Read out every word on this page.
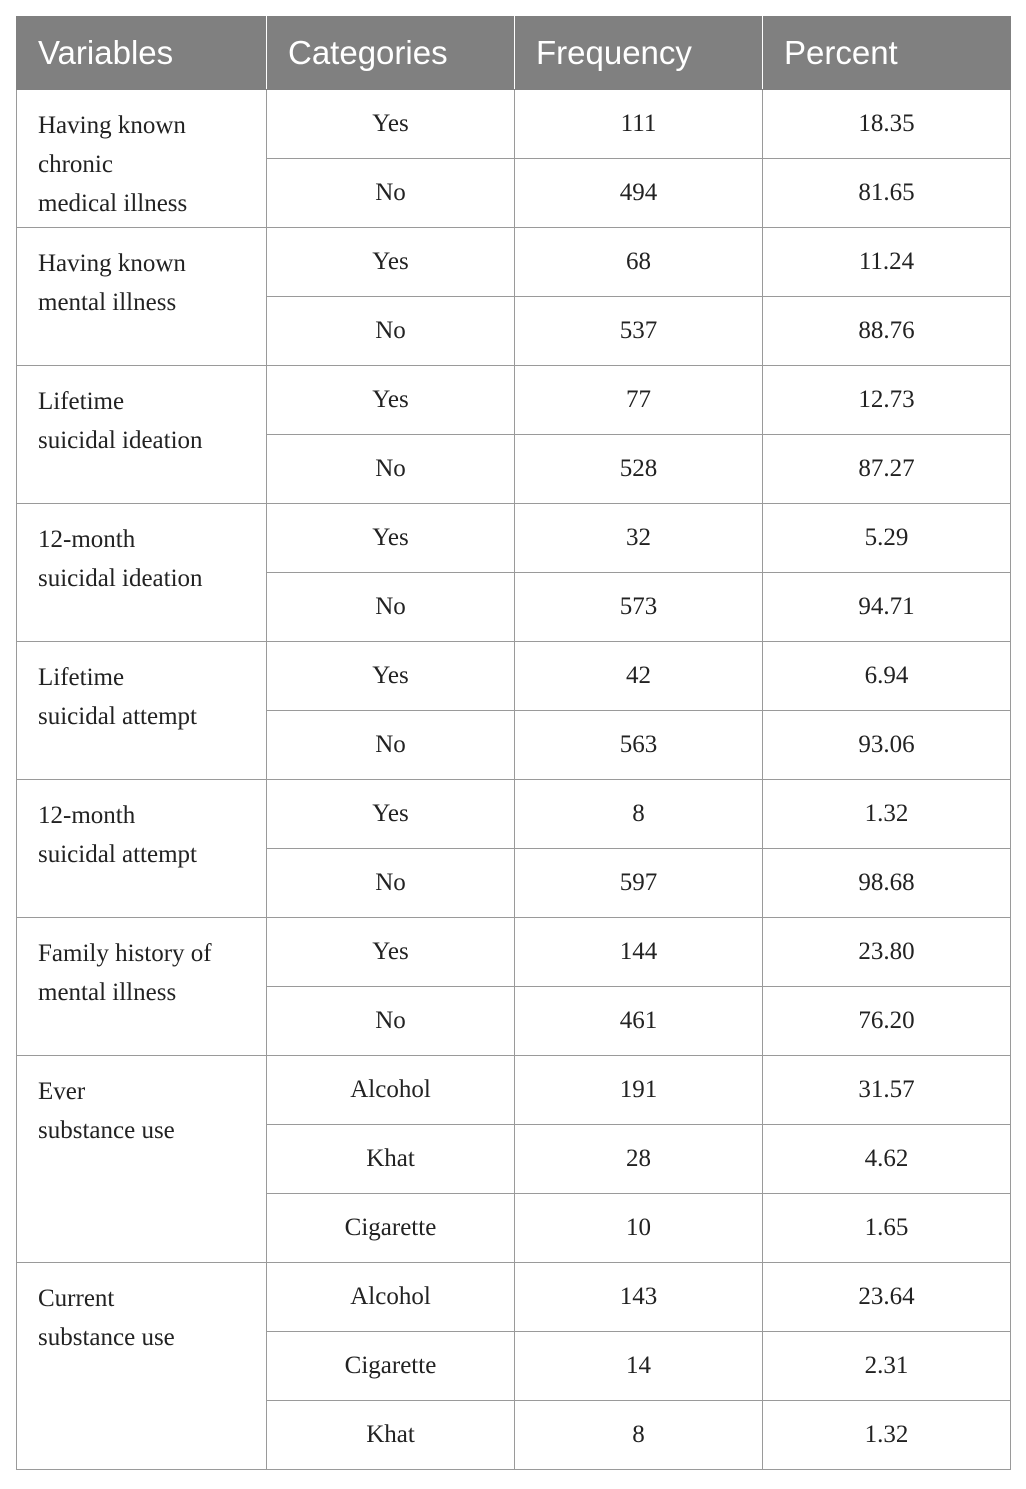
Variables	Categories	Frequency	Percent
Having known
chronic
medical illness	Yes	111	18.35
	No	494	81.65
Having known
mental illness	Yes	68	11.24
	No	537	88.76
Lifetime
suicidal ideation	Yes	77	12.73
	No	528	87.27
12-month
suicidal ideation	Yes	32	5.29
	No	573	94.71
Lifetime
suicidal attempt	Yes	42	6.94
	No	563	93.06
12-month
suicidal attempt	Yes	8	1.32
	No	597	98.68
Family history of
mental illness	Yes	144	23.80
	No	461	76.20
Ever
substance use	Alcohol	191	31.57
	Khat	28	4.62
	Cigarette	10	1.65
Current
substance use	Alcohol	143	23.64
	Cigarette	14	2.31
	Khat	8	1.32
